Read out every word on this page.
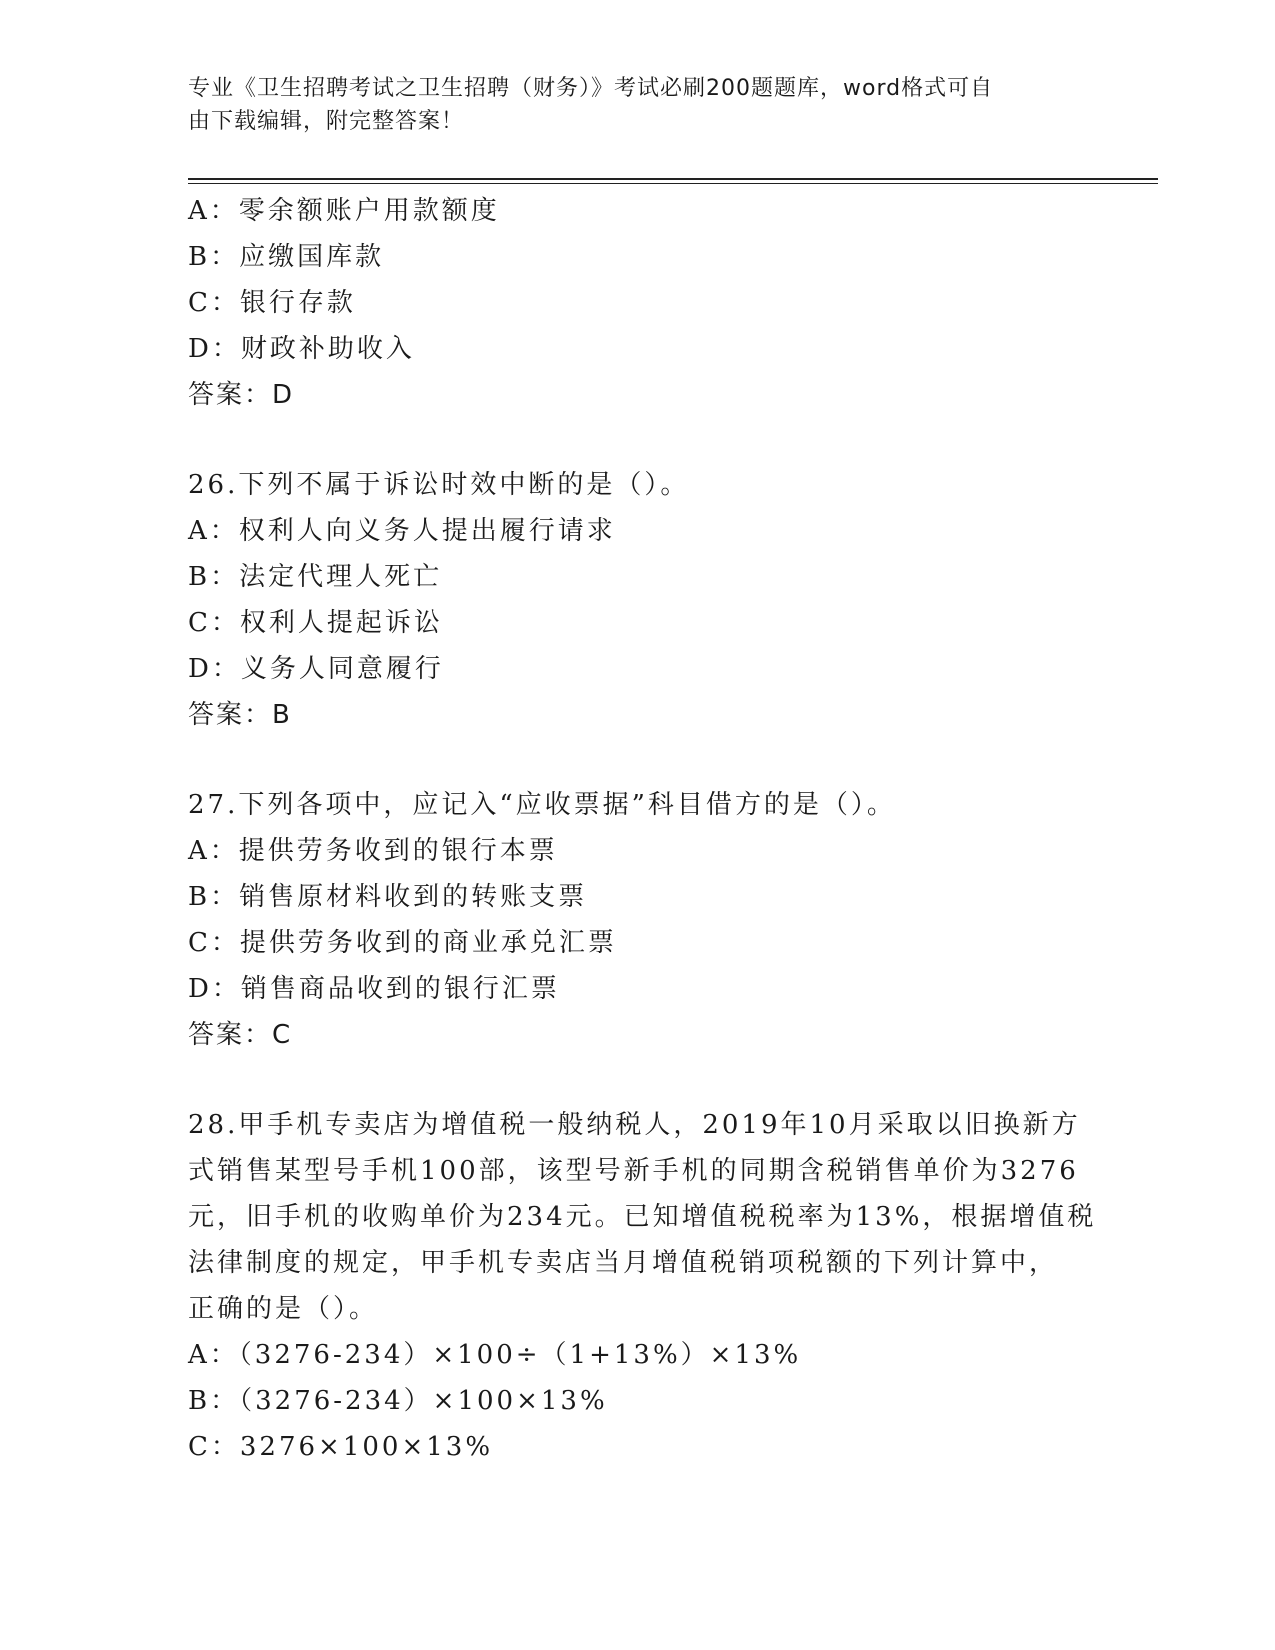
专业《卫生招聘考试之卫生招聘（财务）》考试必刷200题题库，word格式可自
由下载编辑，附完整答案！
A：零余额账户用款额度
B：应缴国库款
C：银行存款
D：财政补助收入
答案：D
26.下列不属于诉讼时效中断的是（）。
A：权利人向义务人提出履行请求
B：法定代理人死亡
C：权利人提起诉讼
D：义务人同意履行
答案：B
27.下列各项中，应记入“应收票据”科目借方的是（）。
A：提供劳务收到的银行本票
B：销售原材料收到的转账支票
C：提供劳务收到的商业承兑汇票
D：销售商品收到的银行汇票
答案：C
28.甲手机专卖店为增值税一般纳税人，2019年10月采取以旧换新方
式销售某型号手机100部，该型号新手机的同期含税销售单价为3276
元，旧手机的收购单价为234元。已知增值税税率为13%，根据增值税
法律制度的规定，甲手机专卖店当月增值税销项税额的下列计算中，
正确的是（）。
A：（3276-234）×100÷（1+13%）×13%
B：（3276-234）×100×13%
C：3276×100×13%
